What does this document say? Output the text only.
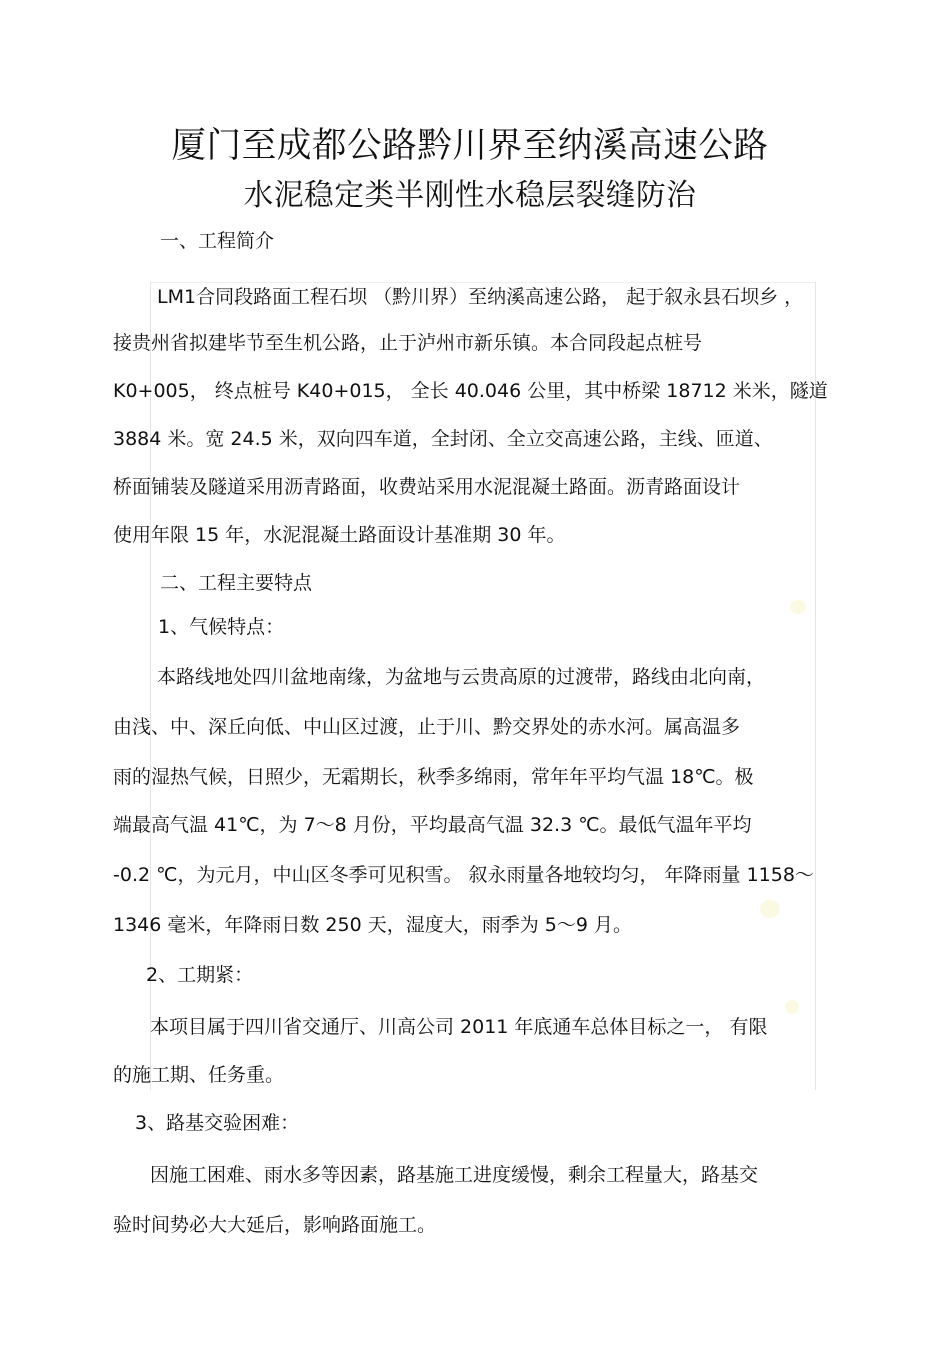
厦门至成都公路黔川界至纳溪高速公路
水泥稳定类半刚性水稳层裂缝防治
一、工程简介
LM1合同段路面工程石坝 （黔川界）至纳溪高速公路， 起于叙永县石坝乡 ，
接贵州省拟建毕节至生机公路，止于泸州市新乐镇。本合同段起点桩号
K0+005， 终点桩号 K40+015， 全长 40.046 公里，其中桥梁 18712 米米，隧道
3884 米。宽 24.5 米，双向四车道，全封闭、全立交高速公路，主线、匝道、
桥面铺装及隧道采用沥青路面，收费站采用水泥混凝土路面。沥青路面设计
使用年限 15 年，水泥混凝土路面设计基准期 30 年。
二、工程主要特点
1、气候特点：
本路线地处四川盆地南缘，为盆地与云贵高原的过渡带，路线由北向南，
由浅、中、深丘向低、中山区过渡，止于川、黔交界处的赤水河。属高温多
雨的湿热气候，日照少，无霜期长，秋季多绵雨，常年年平均气温 18℃。极
端最高气温 41℃，为 7～8 月份，平均最高气温 32.3 ℃。最低气温年平均
-0.2 ℃，为元月，中山区冬季可见积雪。 叙永雨量各地较均匀， 年降雨量 1158～
1346 毫米，年降雨日数 250 天，湿度大，雨季为 5～9 月。
2、工期紧：
本项目属于四川省交通厅、川高公司 2011 年底通车总体目标之一， 有限
的施工期、任务重。
3、路基交验困难：
因施工困难、雨水多等因素，路基施工进度缓慢，剩余工程量大，路基交
验时间势必大大延后，影响路面施工。
